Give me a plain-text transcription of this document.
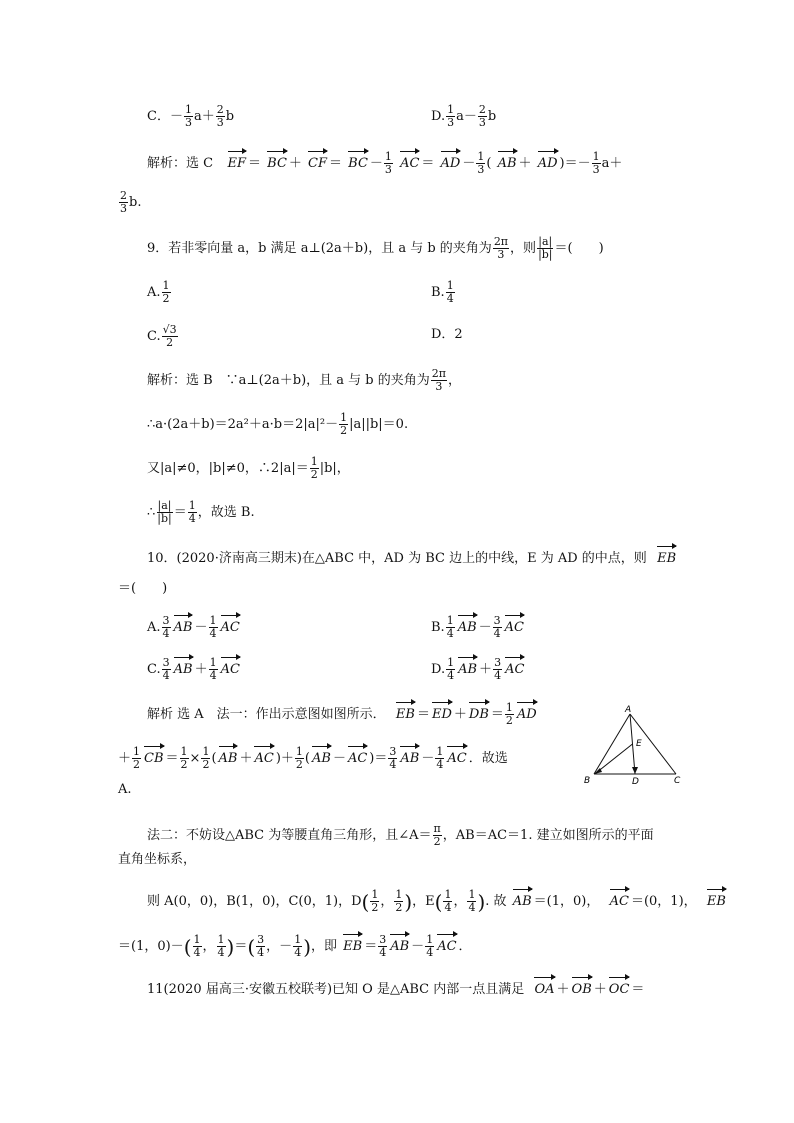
C．－ $\frac{1}{3} a+ \frac{2}{3}$ b	D. $\frac{1}{3} a- \frac{2}{3}$ b
解析：选 C EF ＝ BC ＋ CF ＝ BC － $\frac{1}{3}$ AC ＝ AD － $\frac{1}{3}$ ( AB ＋ AD )＝－ $\frac{1}{3} a+$
$\frac{2}{3} b$.
9．若非零向量 a，b 满足 a⊥(2a＋b)，且 a 与 b 的夹角为 $\frac{2\pi}{3}$ ，则 $\frac{|a|}{|b|}$ ＝(　　)
A. $\frac{1}{2}$	B. $\frac{1}{4}$
C. $\frac{√3}{2}$	D．2
解析：选 B　∵a⊥(2a＋b)，且 a 与 b 的夹角为 $\frac{2\pi}{3}$ ，
∴a·(2a＋b)＝2a²＋a·b＝2|a|²－ $\frac{1}{2} |a||b|=0$.
又|a|≠0，|b|≠0，∴2|a|＝ $\frac{1}{2} |b|$，
∴ $\frac{|a|}{|b|} = \frac{1}{4}$ ，故选 B.
10．(2020·济南高三期末)在△ABC 中，AD 为 BC 边上的中线，E 为 AD 的中点，则 EB
＝(　　)
A. $\frac{3}{4}$ AB － $\frac{1}{4}$ AC	B. $\frac{1}{4}$ AB － $\frac{3}{4}$ AC
C. $\frac{3}{4}$ AB ＋ $\frac{1}{4}$ AC	D. $\frac{1}{4}$ AB ＋ $\frac{3}{4}$ AC
解析 选 A　法一：作出示意图如图所示． EB ＝ ED ＋ DB ＝ $\frac{1}{2}$ AD
＋ $\frac{1}{2}$ CB ＝ $\frac{1}{2} \times \frac{1}{2}$ ( AB ＋ AC )＋ $\frac{1}{2}$ ( AB － AC )＝ $\frac{3}{4}$ AB － $\frac{1}{4}$ AC ．故选
A.
A
B	C
D
E
法二：不妨设△ABC 为等腰直角三角形，且∠A＝ $\frac{\pi}{2}$ ，AB＝AC＝1. 建立如图所示的平面
直角坐标系，
则 A(0，0)，B(1，0)，C(0，1)，$D( \frac{1}{2}$ ， $\frac{1}{2}$ )，$E( \frac{1}{4}$ ， $\frac{1}{4}$ ). 故 AB ＝(1，0)， AC ＝(0，1)， EB
＝(1，$0)-( \frac{1}{4}$ ， $\frac{1}{4}$ )＝( $\frac{3}{4}$ ，－ $\frac{1}{4}$ )，即 EB ＝ $\frac{3}{4}$ AB － $\frac{1}{4}$ AC ．
11(2020 届高三·安徽五校联考)已知 O 是△ABC 内部一点且满足 OA ＋ OB ＋ OC ＝
